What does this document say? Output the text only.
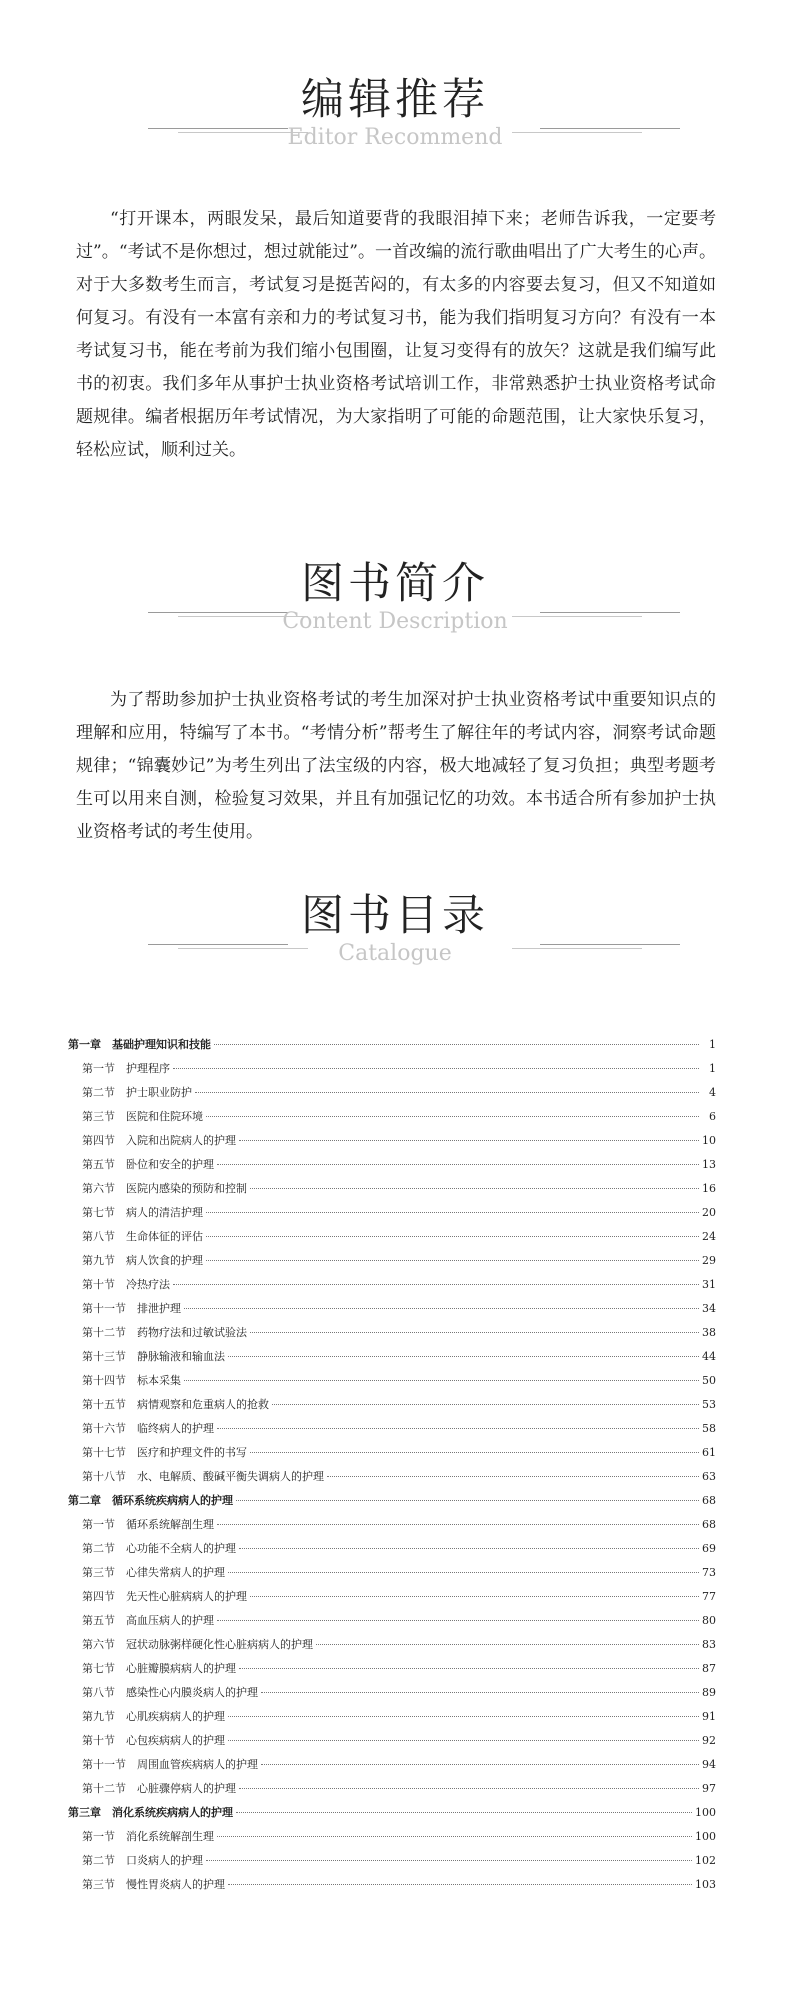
编辑推荐
Editor Recommend
“打开课本，两眼发呆，最后知道要背的我眼泪掉下来；老师告诉我，一定要考过”。“考试不是你想过，想过就能过”。一首改编的流行歌曲唱出了广大考生的心声。对于大多数考生而言，考试复习是挺苦闷的，有太多的内容要去复习，但又不知道如何复习。有没有一本富有亲和力的考试复习书，能为我们指明复习方向？有没有一本考试复习书，能在考前为我们缩小包围圈，让复习变得有的放矢？这就是我们编写此书的初衷。我们多年从事护士执业资格考试培训工作，非常熟悉护士执业资格考试命题规律。编者根据历年考试情况，为大家指明了可能的命题范围，让大家快乐复习，轻松应试，顺利过关。
图书简介
Content Description
为了帮助参加护士执业资格考试的考生加深对护士执业资格考试中重要知识点的理解和应用，特编写了本书。“考情分析”帮考生了解往年的考试内容，洞察考试命题规律；“锦囊妙记”为考生列出了法宝级的内容，极大地减轻了复习负担；典型考题考生可以用来自测，检验复习效果，并且有加强记忆的功效。本书适合所有参加护士执业资格考试的考生使用。
图书目录
Catalogue
第一章　基础护理知识和技能	1
第一节　护理程序	1
第二节　护士职业防护	4
第三节　医院和住院环境	6
第四节　入院和出院病人的护理	10
第五节　卧位和安全的护理	13
第六节　医院内感染的预防和控制	16
第七节　病人的清洁护理	20
第八节　生命体征的评估	24
第九节　病人饮食的护理	29
第十节　冷热疗法	31
第十一节　排泄护理	34
第十二节　药物疗法和过敏试验法	38
第十三节　静脉输液和输血法	44
第十四节　标本采集	50
第十五节　病情观察和危重病人的抢救	53
第十六节　临终病人的护理	58
第十七节　医疗和护理文件的书写	61
第十八节　水、电解质、酸碱平衡失调病人的护理	63
第二章　循环系统疾病病人的护理	68
第一节　循环系统解剖生理	68
第二节　心功能不全病人的护理	69
第三节　心律失常病人的护理	73
第四节　先天性心脏病病人的护理	77
第五节　高血压病人的护理	80
第六节　冠状动脉粥样硬化性心脏病病人的护理	83
第七节　心脏瓣膜病病人的护理	87
第八节　感染性心内膜炎病人的护理	89
第九节　心肌疾病病人的护理	91
第十节　心包疾病病人的护理	92
第十一节　周围血管疾病病人的护理	94
第十二节　心脏骤停病人的护理	97
第三章　消化系统疾病病人的护理	100
第一节　消化系统解剖生理	100
第二节　口炎病人的护理	102
第三节　慢性胃炎病人的护理	103
